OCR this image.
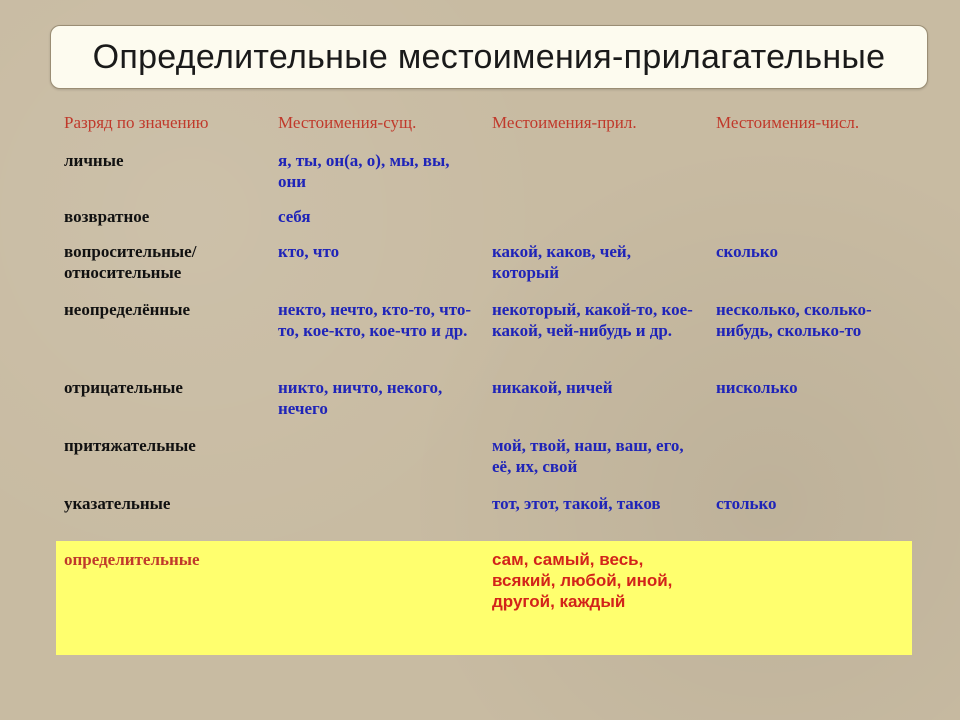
Определительные местоимения-прилагательные
Разряд по значению	Местоимения-сущ.	Местоимения-прил.	Местоимения-числ.
личные	я, ты, он(а, о), мы, вы, они		
возвратное	себя		
вопросительные/ относительные	кто, что	какой, каков, чей, который	сколько
неопределённые	некто, нечто, кто-то, что-то, кое-кто, кое-что и др.	некоторый, какой-то, кое-какой, чей-нибудь и др.	несколько, сколько-нибудь, сколько-то
отрицательные	никто, ничто, некого, нечего	никакой, ничей	нисколько
притяжательные		мой, твой, наш, ваш, его, её, их, свой	
указательные		тот, этот, такой, таков	столько
определительные		сам, самый, весь, всякий, любой, иной, другой, каждый	
